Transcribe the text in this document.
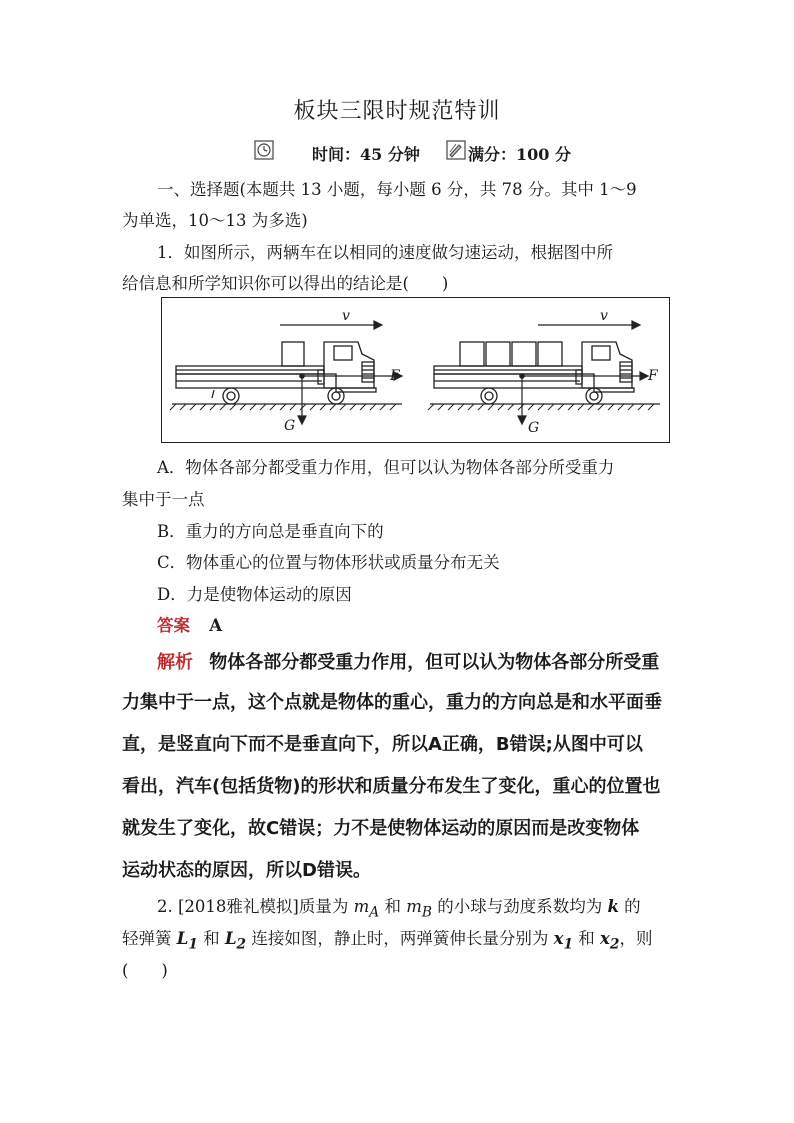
板块三限时规范特训
时间：45 分钟	满分：100 分
一、选择题(本题共 13 小题，每小题 6 分，共 78 分。其中 1～9
为单选，10～13 为多选)
1．如图所示，两辆车在以相同的速度做匀速运动，根据图中所
给信息和所学知识你可以得出的结论是(　　)
v
F
G
v
F
G
A．物体各部分都受重力作用，但可以认为物体各部分所受重力
集中于一点
B．重力的方向总是垂直向下的
C．物体重心的位置与物体形状或质量分布无关
D．力是使物体运动的原因
答案 A
解析 物体各部分都受重力作用，但可以认为物体各部分所受重
力集中于一点，这个点就是物体的重心，重力的方向总是和水平面垂
直，是竖直向下而不是垂直向下，所以A正确，B错误;从图中可以
看出，汽车(包括货物)的形状和质量分布发生了变化，重心的位置也
就发生了变化，故C错误；力不是使物体运动的原因而是改变物体
运动状态的原因，所以D错误。
2. [2018雅礼模拟]质量为 $m_A$ 和 $m_B$ 的小球与劲度系数均为 k 的
轻弹簧 $L_1$ 和 $L_2$ 连接如图，静止时，两弹簧伸长量分别为 $x_1$ 和 $x_2$，则
(　　)
